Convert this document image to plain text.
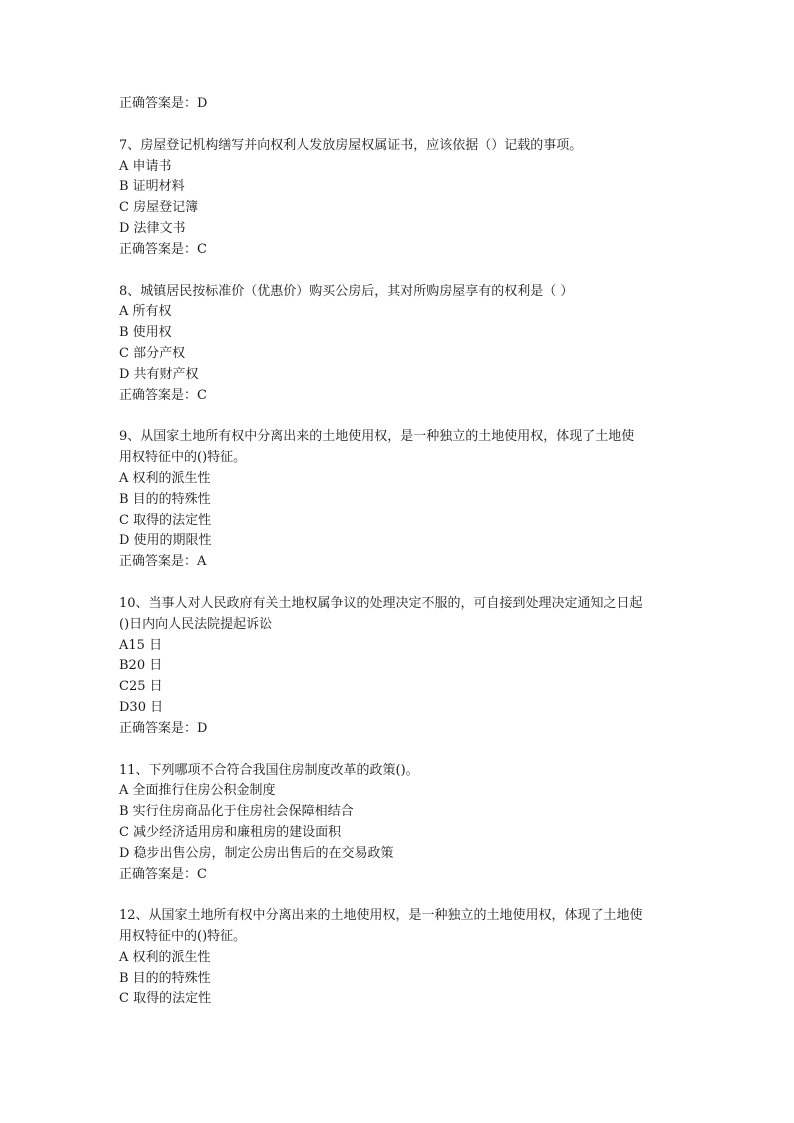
正确答案是：D
7、房屋登记机构缮写并向权利人发放房屋权属证书，应该依据（）记载的事项。
A 申请书
B 证明材料
C 房屋登记簿
D 法律文书
正确答案是：C
8、城镇居民按标准价（优惠价）购买公房后，其对所购房屋享有的权利是（ ）
A 所有权
B 使用权
C 部分产权
D 共有财产权
正确答案是：C
9、从国家土地所有权中分离出来的土地使用权，是一种独立的土地使用权，体现了土地使
用权特征中的()特征。
A 权利的派生性
B 目的的特殊性
C 取得的法定性
D 使用的期限性
正确答案是：A
10、当事人对人民政府有关土地权属争议的处理决定不服的，可自接到处理决定通知之日起
()日内向人民法院提起诉讼
A15 日
B20 日
C25 日
D30 日
正确答案是：D
11、下列哪项不合符合我国住房制度改革的政策()。
A 全面推行住房公积金制度
B 实行住房商品化于住房社会保障相结合
C 减少经济适用房和廉租房的建设面积
D 稳步出售公房，制定公房出售后的在交易政策
正确答案是：C
12、从国家土地所有权中分离出来的土地使用权，是一种独立的土地使用权，体现了土地使
用权特征中的()特征。
A 权利的派生性
B 目的的特殊性
C 取得的法定性
